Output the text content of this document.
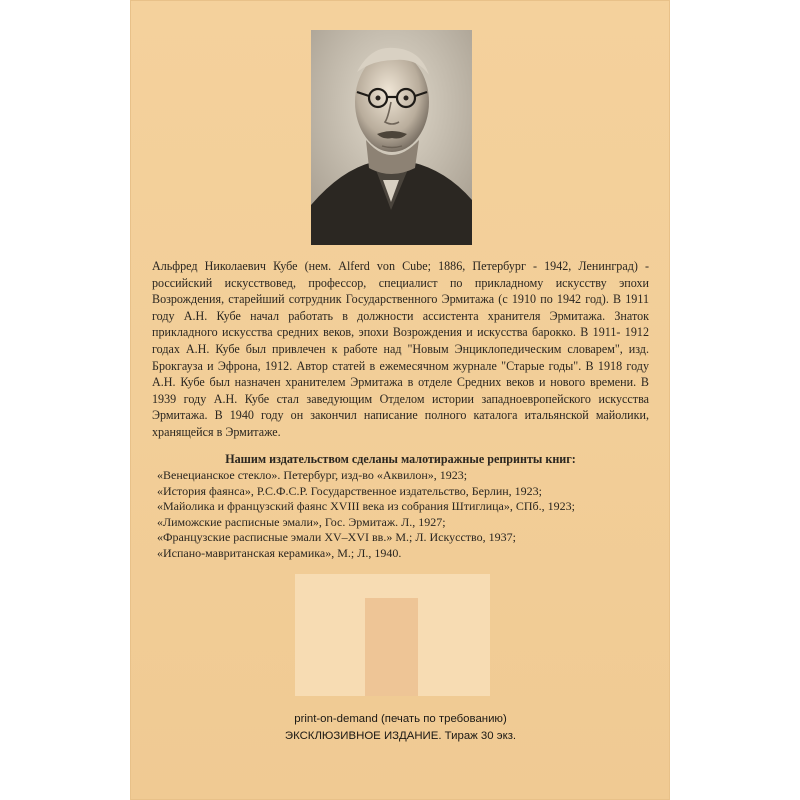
Альфред Николаевич Кубе (нем. Alferd von Cube; 1886, Петербург - 1942, Ленинград) - российский искусствовед, профессор, специалист по прикладному искусству эпохи Возрождения, старейший сотрудник Государственного Эрмитажа (с 1910 по 1942 год). В 1911 году А.Н. Кубе начал работать в должности ассистента хранителя Эрмитажа. Знаток прикладного искусства средних веков, эпохи Возрождения и искусства барокко. В 1911- 1912 годах А.Н. Кубе был привлечен к работе над "Новым Энциклопедическим словарем", изд. Брокгауза и Эфрона, 1912. Автор статей в ежемесячном журнале "Старые годы". В 1918 году А.Н. Кубе был назначен хранителем Эрмитажа в отделе Средних веков и нового времени. В 1939 году А.Н. Кубе стал заведующим Отделом истории западноевропейского искусства Эрмитажа. В 1940 году он закончил написание полного каталога итальянской майолики, хранящейся в Эрмитаже.

Нашим издательством сделаны малотиражные репринты книг:

«Венецианское стекло». Петербург, изд-во «Аквилон», 1923;
«История фаянса», Р.С.Ф.С.Р. Государственное издательство, Берлин, 1923;
«Майолика и французский фаянс XVIII века из собрания Штиглица», СПб., 1923;
«Лиможские расписные эмали», Гос. Эрмитаж. Л., 1927;
«Французские расписные эмали XV–XVI вв.» М.; Л. Искусство, 1937;
«Испано-мавританская керамика», М.; Л., 1940.

print-on-demand (печать по требованию)

ЭКСКЛЮЗИВНОЕ ИЗДАНИЕ. Тираж 30 экз.
